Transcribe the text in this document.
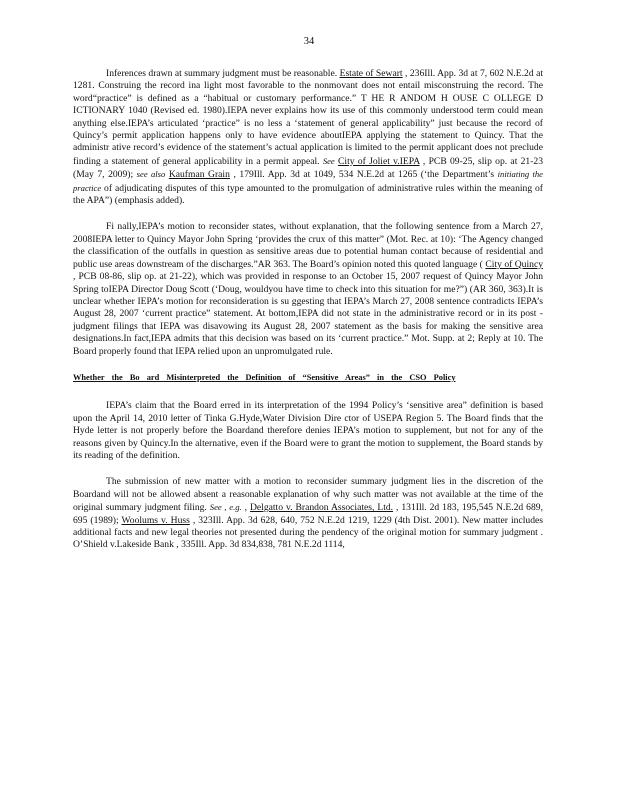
34

Inferences drawn at summary judgment must be reasonable. Estate of Sewart , 236Ill. App. 3d at 7, 602 N.E.2d at 1281. Construing the record ina light most favorable to the nonmovant does not entail misconstruing the record. The word“practice” is defined as a “habitual or customary performance.” T HE R ANDOM H OUSE C OLLEGE D ICTIONARY 1040 (Revised ed. 1980).IEPA never explains how its use of this commonly understood term could mean anything else.IEPA’s articulated ‘practice” is no less a ‘statement of general applicability” just because the record of Quincy’s permit application happens only to have evidence aboutIEPA applying the statement to Quincy. That the administr ative record’s evidence of the statement’s actual application is limited to the permit applicant does not preclude finding a statement of general applicability in a permit appeal. See City of Joliet v.IEPA , PCB 09-25, slip op. at 21-23 (May 7, 2009); see also Kaufman Grain , 179Ill. App. 3d at 1049, 534 N.E.2d at 1265 (‘the Department’s initiating the practice of adjudicating disputes of this type amounted to the promulgation of administrative rules within the meaning of the APA”) (emphasis added).

Fi nally,IEPA’s motion to reconsider states, without explanation, that the following sentence from a March 27, 2008IEPA letter to Quincy Mayor John Spring ‘provides the crux of this matter” (Mot. Rec. at 10): ‘The Agency changed the classification of the outfalls in question as sensitive areas due to potential human contact because of residential and public use areas downstream of the discharges.”AR 363. The Board’s opinion noted this quoted language ( City of Quincy , PCB 08-86, slip op. at 21-22), which was provided in response to an October 15, 2007 request of Quincy Mayor John Spring toIEPA Director Doug Scott (‘Doug, wouldyou have time to check into this situation for me?”) (AR 360, 363).It is unclear whether IEPA’s motion for reconsideration is su ggesting that IEPA’s March 27, 2008 sentence contradicts IEPA’s August 28, 2007 ‘current practice” statement. At bottom,IEPA did not state in the administrative record or in its post -judgment filings that IEPA was disavowing its August 28, 2007 statement as the basis for making the sensitive area designations.In fact,IEPA admits that this decision was based on its ‘current practice.” Mot. Supp. at 2; Reply at 10. The Board properly found that IEPA relied upon an unpromulgated rule.

Whether the Bo ard Misinterpreted the Definition of “Sensitive Areas” in the CSO Policy

IEPA’s claim that the Board erred in its interpretation of the 1994 Policy’s ‘sensitive area” definition is based upon the April 14, 2010 letter of Tinka G.Hyde,Water Division Dire ctor of USEPA Region 5. The Board finds that the Hyde letter is not properly before the Boardand therefore denies IEPA’s motion to supplement, but not for any of the reasons given by Quincy.In the alternative, even if the Board were to grant the motion to supplement, the Board stands by its reading of the definition.

The submission of new matter with a motion to reconsider summary judgment lies in the discretion of the Boardand will not be allowed absent a reasonable explanation of why such matter was not available at the time of the original summary judgment filing. See , e.g. , Delgatto v. Brandon Associates, Ltd. , 131Ill. 2d 183, 195,545 N.E.2d 689, 695 (1989); Woolums v. Huss , 323Ill. App. 3d 628, 640, 752 N.E.2d 1219, 1229 (4th Dist. 2001). New matter includes additional facts and new legal theories not presented during the pendency of the original motion for summary judgment . O’Shield v.Lakeside Bank , 335Ill. App. 3d 834,838, 781 N.E.2d 1114,
